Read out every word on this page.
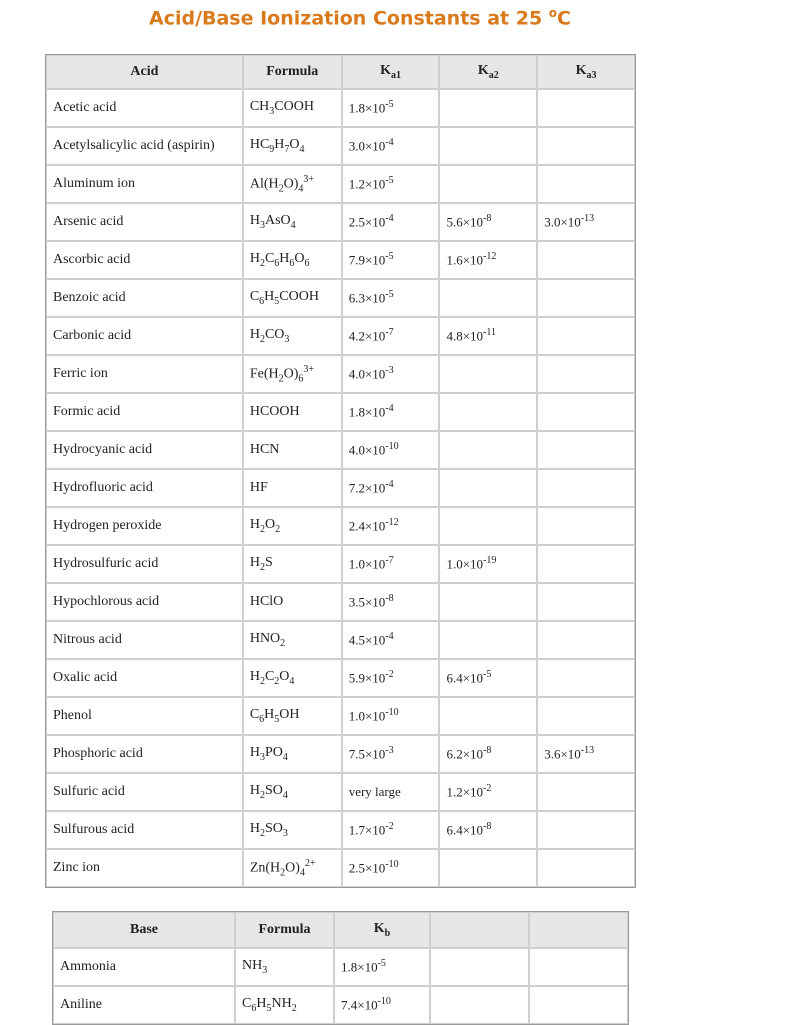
Acid/Base Ionization Constants at 25 $^o$C
Acid	Formula	$K_{a1}$	$K_{a2}$	$K_{a3}$
Acetic acid	$CH_3COOH$	$1.8\times 10^{-5}$		
Acetylsalicylic acid (aspirin)	$HC_9H_7O_4$	$3.0\times 10^{-4}$		
Aluminum ion	$Al(H_2O)_4^{3+}$	$1.2\times 10^{-5}$		
Arsenic acid	$H_3AsO_4$	$2.5\times 10^{-4}$	$5.6\times 10^{-8}$	$3.0\times 10^{-13}$
Ascorbic acid	$H_2C_6H_6O_6$	$7.9\times 10^{-5}$	$1.6\times 10^{-12}$	
Benzoic acid	$C_6H_5COOH$	$6.3\times 10^{-5}$		
Carbonic acid	$H_2CO_3$	$4.2\times 10^{-7}$	$4.8\times 10^{-11}$	
Ferric ion	$Fe(H_2O)_6^{3+}$	$4.0\times 10^{-3}$		
Formic acid	HCOOH	$1.8\times 10^{-4}$		
Hydrocyanic acid	HCN	$4.0\times 10^{-10}$		
Hydrofluoric acid	HF	$7.2\times 10^{-4}$		
Hydrogen peroxide	$H_2O_2$	$2.4\times 10^{-12}$		
Hydrosulfuric acid	$H_2S$	$1.0\times 10^{-7}$	$1.0\times 10^{-19}$	
Hypochlorous acid	HClO	$3.5\times 10^{-8}$		
Nitrous acid	$HNO_2$	$4.5\times 10^{-4}$		
Oxalic acid	$H_2C_2O_4$	$5.9\times 10^{-2}$	$6.4\times 10^{-5}$	
Phenol	$C_6H_5OH$	$1.0\times 10^{-10}$		
Phosphoric acid	$H_3PO_4$	$7.5\times 10^{-3}$	$6.2\times 10^{-8}$	$3.6\times 10^{-13}$
Sulfuric acid	$H_2SO_4$	very large	$1.2\times 10^{-2}$	
Sulfurous acid	$H_2SO_3$	$1.7\times 10^{-2}$	$6.4\times 10^{-8}$	
Zinc ion	$Zn(H_2O)_4^{2+}$	$2.5\times 10^{-10}$		
Base	Formula	$K_b$		
Ammonia	$NH_3$	$1.8\times 10^{-5}$		
Aniline	$C_6H_5NH_2$	$7.4\times 10^{-10}$		
